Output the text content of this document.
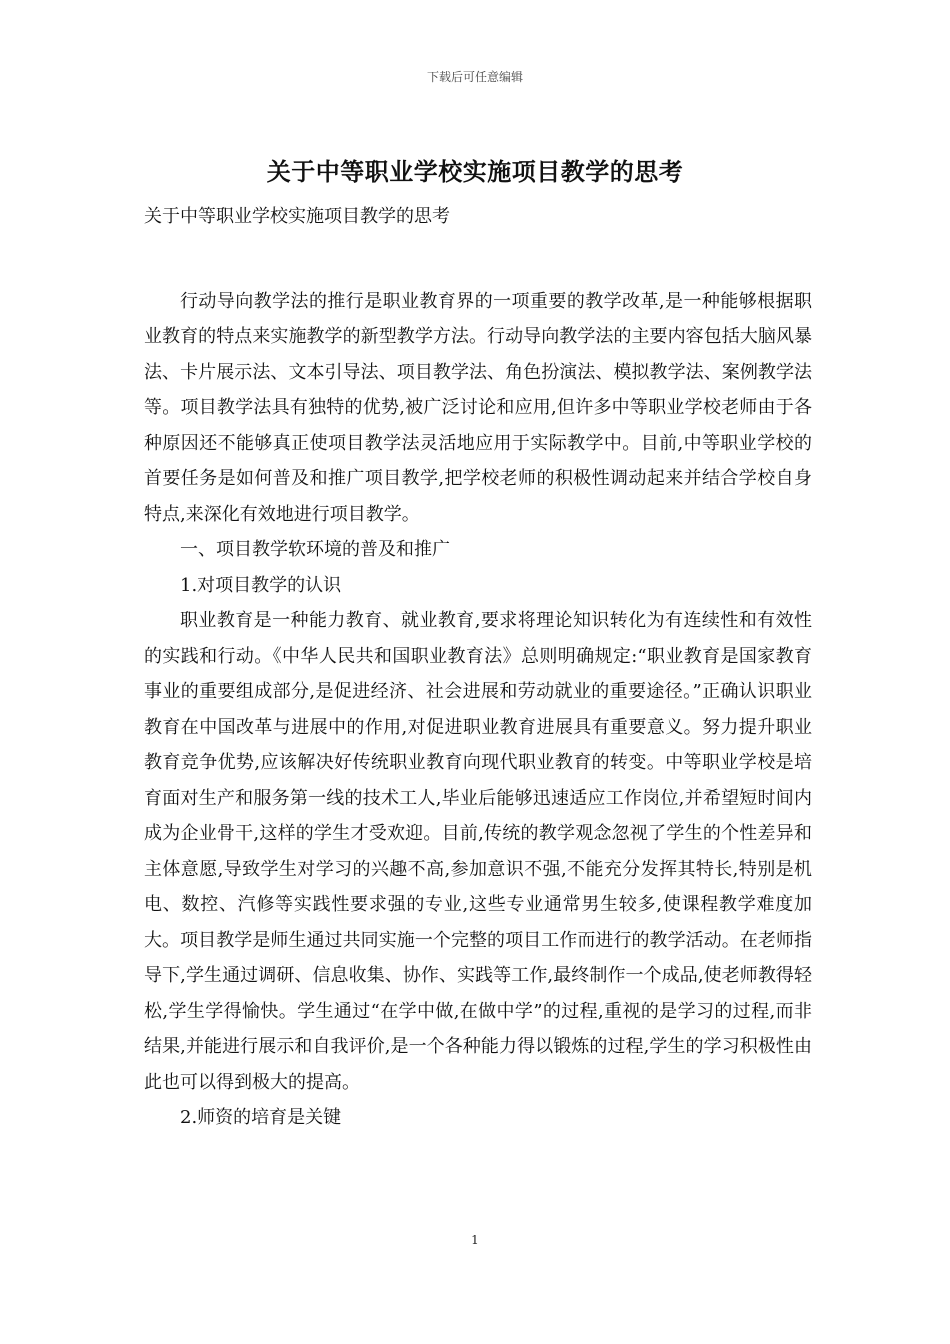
下载后可任意编辑
关于中等职业学校实施项目教学的思考

关于中等职业学校实施项目教学的思考

行动导向教学法的推行是职业教育界的一项重要的教学改革,是一种能够根据职业教育的特点来实施教学的新型教学方法。行动导向教学法的主要内容包括大脑风暴法、卡片展示法、文本引导法、项目教学法、角色扮演法、模拟教学法、案例教学法等。项目教学法具有独特的优势,被广泛讨论和应用,但许多中等职业学校老师由于各种原因还不能够真正使项目教学法灵活地应用于实际教学中。目前,中等职业学校的首要任务是如何普及和推广项目教学,把学校老师的积极性调动起来并结合学校自身特点,来深化有效地进行项目教学。

一、项目教学软环境的普及和推广

1.对项目教学的认识

职业教育是一种能力教育、就业教育,要求将理论知识转化为有连续性和有效性的实践和行动。《中华人民共和国职业教育法》总则明确规定:“职业教育是国家教育事业的重要组成部分,是促进经济、社会进展和劳动就业的重要途径。”正确认识职业教育在中国改革与进展中的作用,对促进职业教育进展具有重要意义。努力提升职业教育竞争优势,应该解决好传统职业教育向现代职业教育的转变。中等职业学校是培育面对生产和服务第一线的技术工人,毕业后能够迅速适应工作岗位,并希望短时间内成为企业骨干,这样的学生才受欢迎。目前,传统的教学观念忽视了学生的个性差异和主体意愿,导致学生对学习的兴趣不高,参加意识不强,不能充分发挥其特长,特别是机电、数控、汽修等实践性要求强的专业,这些专业通常男生较多,使课程教学难度加大。项目教学是师生通过共同实施一个完整的项目工作而进行的教学活动。在老师指导下,学生通过调研、信息收集、协作、实践等工作,最终制作一个成品,使老师教得轻松,学生学得愉快。学生通过“在学中做,在做中学”的过程,重视的是学习的过程,而非结果,并能进行展示和自我评价,是一个各种能力得以锻炼的过程,学生的学习积极性由此也可以得到极大的提高。

2.师资的培育是关键

1
